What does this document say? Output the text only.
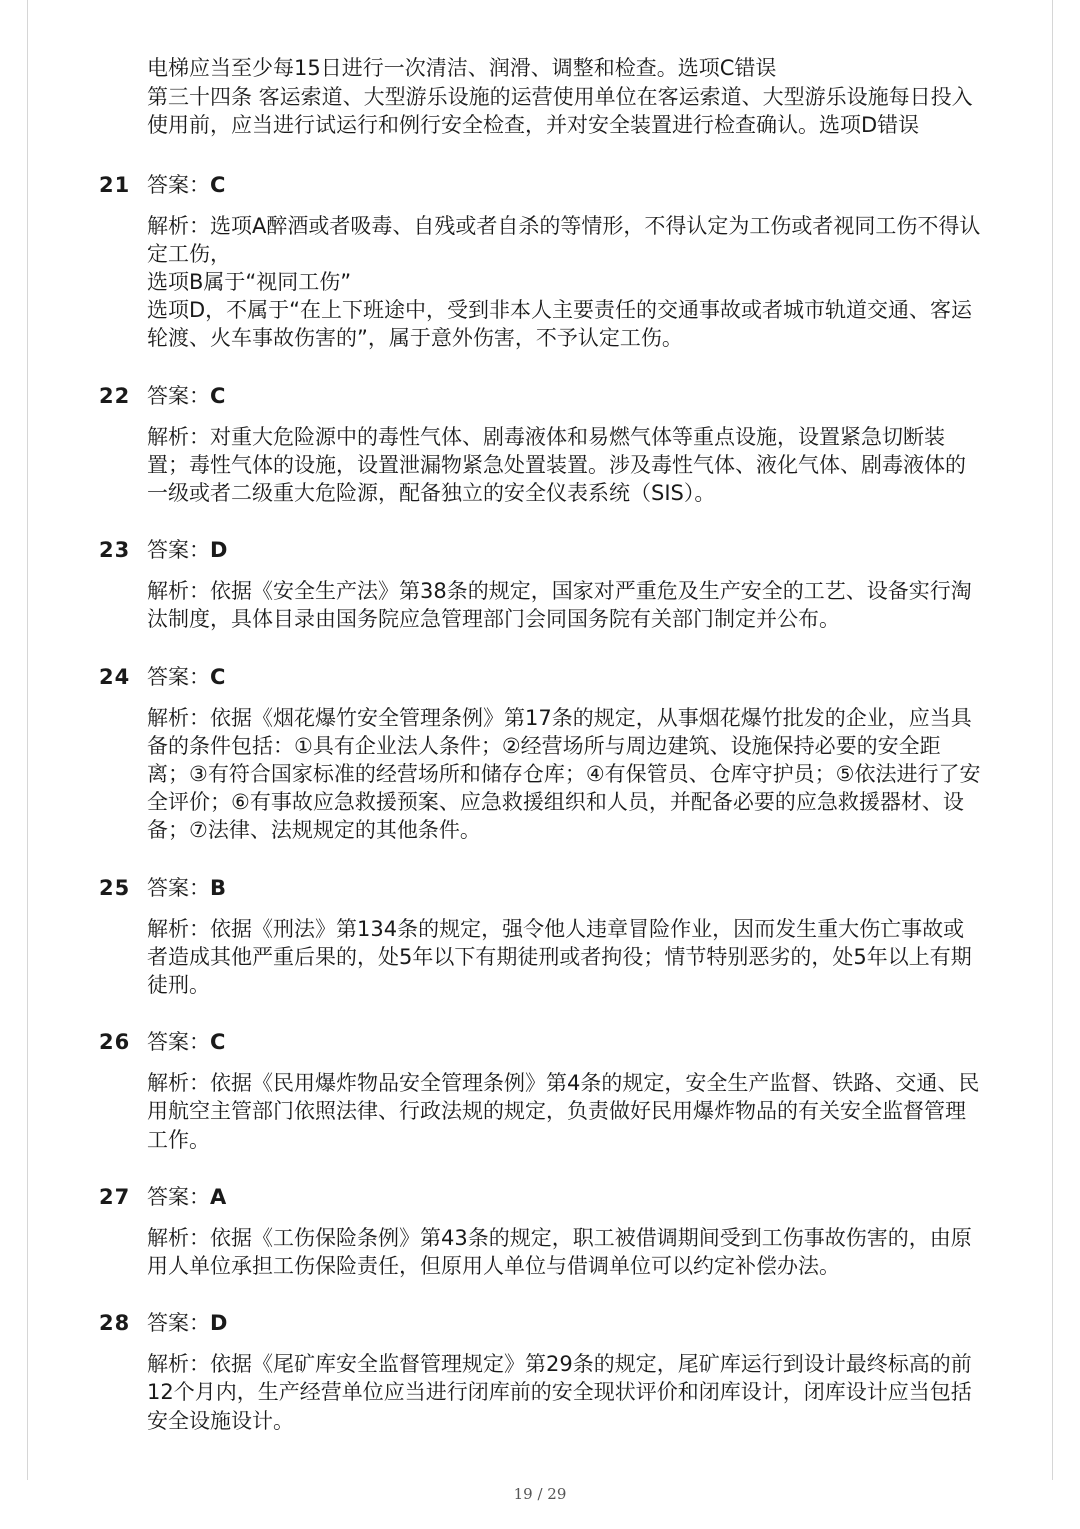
电梯应当至少每15日进行一次清洁、润滑、调整和检查。选项C错误

第三十四条 客运索道、大型游乐设施的运营使用单位在客运索道、大型游乐设施每日投入使用前，应当进行试运行和例行安全检查，并对安全装置进行检查确认。选项D错误

21 答案：C

解析：选项A醉酒或者吸毒、自残或者自杀的等情形，不得认定为工伤或者视同工伤不得认定工伤，

选项B属于“视同工伤”

选项D，不属于“在上下班途中，受到非本人主要责任的交通事故或者城市轨道交通、客运轮渡、火车事故伤害的”，属于意外伤害，不予认定工伤。

22 答案：C

解析：对重大危险源中的毒性气体、剧毒液体和易燃气体等重点设施，设置紧急切断装置；毒性气体的设施，设置泄漏物紧急处置装置。涉及毒性气体、液化气体、剧毒液体的一级或者二级重大危险源，配备独立的安全仪表系统（SIS）。

23 答案：D

解析：依据《安全生产法》第38条的规定，国家对严重危及生产安全的工艺、设备实行淘汰制度，具体目录由国务院应急管理部门会同国务院有关部门制定并公布。

24 答案：C

解析：依据《烟花爆竹安全管理条例》第17条的规定，从事烟花爆竹批发的企业，应当具备的条件包括：①具有企业法人条件；②经营场所与周边建筑、设施保持必要的安全距离；③有符合国家标准的经营场所和储存仓库；④有保管员、仓库守护员；⑤依法进行了安全评价；⑥有事故应急救援预案、应急救援组织和人员，并配备必要的应急救援器材、设备；⑦法律、法规规定的其他条件。

25 答案：B

解析：依据《刑法》第134条的规定，强令他人违章冒险作业，因而发生重大伤亡事故或者造成其他严重后果的，处5年以下有期徒刑或者拘役；情节特别恶劣的，处5年以上有期徒刑。

26 答案：C

解析：依据《民用爆炸物品安全管理条例》第4条的规定，安全生产监督、铁路、交通、民用航空主管部门依照法律、行政法规的规定，负责做好民用爆炸物品的有关安全监督管理工作。

27 答案：A

解析：依据《工伤保险条例》第43条的规定，职工被借调期间受到工伤事故伤害的，由原用人单位承担工伤保险责任，但原用人单位与借调单位可以约定补偿办法。

28 答案：D

解析：依据《尾矿库安全监督管理规定》第29条的规定，尾矿库运行到设计最终标高的前12个月内，生产经营单位应当进行闭库前的安全现状评价和闭库设计，闭库设计应当包括安全设施设计。

19 / 29
